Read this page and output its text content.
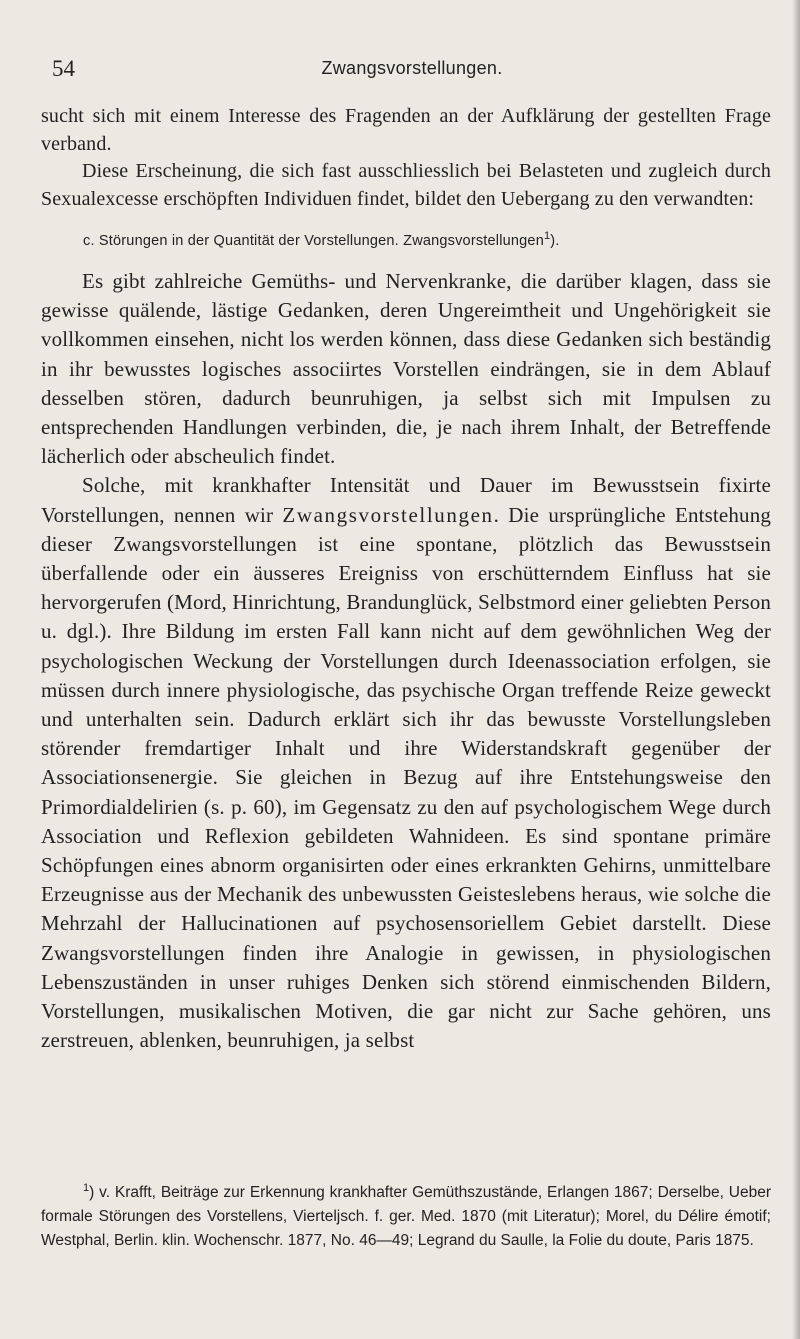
54	Zwangsvorstellungen.

sucht sich mit einem Interesse des Fragenden an der Aufklärung der gestellten Frage verband.

Diese Erscheinung, die sich fast ausschliesslich bei Belasteten und zugleich durch Sexualexcesse erschöpften Individuen findet, bildet den Uebergang zu den verwandten:

c. Störungen in der Quantität der Vorstellungen. Zwangsvorstellungen$^1$).

Es gibt zahlreiche Gemüths- und Nervenkranke, die darüber klagen, dass sie gewisse quälende, lästige Gedanken, deren Ungereimtheit und Ungehörigkeit sie vollkommen einsehen, nicht los werden können, dass diese Gedanken sich beständig in ihr bewusstes logisches associirtes Vorstellen eindrängen, sie in dem Ablauf desselben stören, dadurch beunruhigen, ja selbst sich mit Impulsen zu entsprechenden Handlungen verbinden, die, je nach ihrem Inhalt, der Betreffende lächerlich oder abscheulich findet.

Solche, mit krankhafter Intensität und Dauer im Bewusstsein fixirte Vorstellungen, nennen wir Zwangsvorstellungen. Die ursprüngliche Entstehung dieser Zwangsvorstellungen ist eine spontane, plötzlich das Bewusstsein überfallende oder ein äusseres Ereigniss von erschütterndem Einfluss hat sie hervorgerufen (Mord, Hinrichtung, Brandunglück, Selbstmord einer geliebten Person u. dgl.). Ihre Bildung im ersten Fall kann nicht auf dem gewöhnlichen Weg der psychologischen Weckung der Vorstellungen durch Ideenassociation erfolgen, sie müssen durch innere physiologische, das psychische Organ treffende Reize geweckt und unterhalten sein. Dadurch erklärt sich ihr das bewusste Vorstellungsleben störender fremdartiger Inhalt und ihre Widerstandskraft gegenüber der Associationsenergie. Sie gleichen in Bezug auf ihre Entstehungsweise den Primordialdelirien (s. p. 60), im Gegensatz zu den auf psychologischem Wege durch Association und Reflexion gebildeten Wahnideen. Es sind spontane primäre Schöpfungen eines abnorm organisirten oder eines erkrankten Gehirns, unmittelbare Erzeugnisse aus der Mechanik des unbewussten Geisteslebens heraus, wie solche die Mehrzahl der Hallucinationen auf psychosensoriellem Gebiet darstellt. Diese Zwangsvorstellungen finden ihre Analogie in gewissen, in physiologischen Lebenszuständen in unser ruhiges Denken sich störend einmischenden Bildern, Vorstellungen, musikalischen Motiven, die gar nicht zur Sache gehören, uns zerstreuen, ablenken, beunruhigen, ja selbst

$^1$) v. Krafft, Beiträge zur Erkennung krankhafter Gemüthszustände, Erlangen 1867; Derselbe, Ueber formale Störungen des Vorstellens, Vierteljsch. f. ger. Med. 1870 (mit Literatur); Morel, du Délire émotif; Westphal, Berlin. klin. Wochenschr. 1877, No. 46—49; Legrand du Saulle, la Folie du doute, Paris 1875.
